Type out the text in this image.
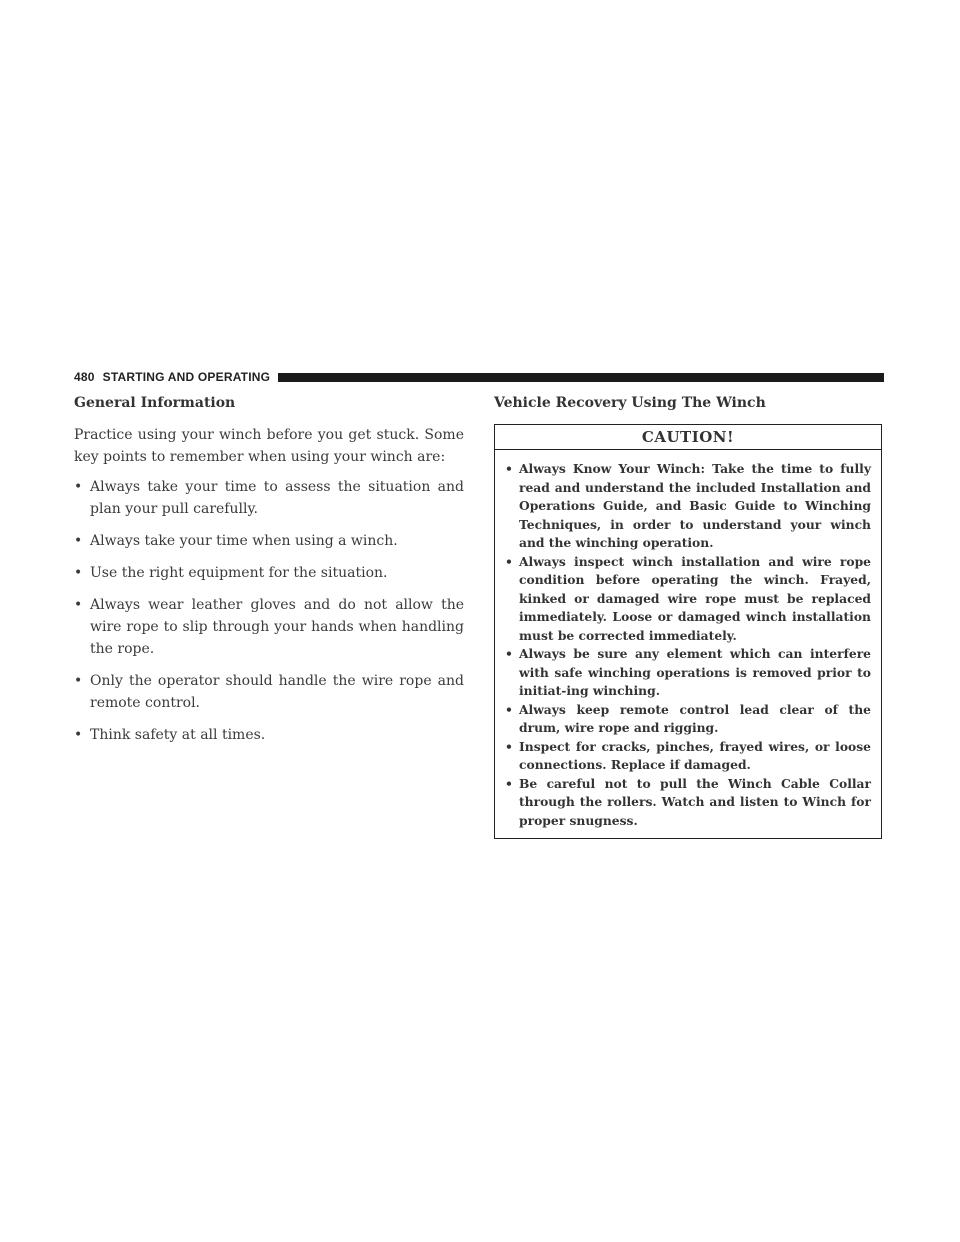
480 STARTING AND OPERATING
General Information

Practice using your winch before you get stuck. Some key points to remember when using your winch are:

• Always take your time to assess the situation and plan your pull carefully.
• Always take your time when using a winch.
• Use the right equipment for the situation.
• Always wear leather gloves and do not allow the wire rope to slip through your hands when handling the rope.
• Only the operator should handle the wire rope and remote control.
• Think safety at all times.
Vehicle Recovery Using The Winch
CAUTION!
• Always Know Your Winch: Take the time to fully read and understand the included Installation and Operations Guide, and Basic Guide to Winching Techniques, in order to understand your winch and the winching operation.
• Always inspect winch installation and wire rope condition before operating the winch. Frayed, kinked or damaged wire rope must be replaced immediately. Loose or damaged winch installation must be corrected immediately.
• Always be sure any element which can interfere with safe winching operations is removed prior to initiat-ing winching.
• Always keep remote control lead clear of the drum, wire rope and rigging.
• Inspect for cracks, pinches, frayed wires, or loose connections. Replace if damaged.
• Be careful not to pull the Winch Cable Collar through the rollers. Watch and listen to Winch for proper snugness.
